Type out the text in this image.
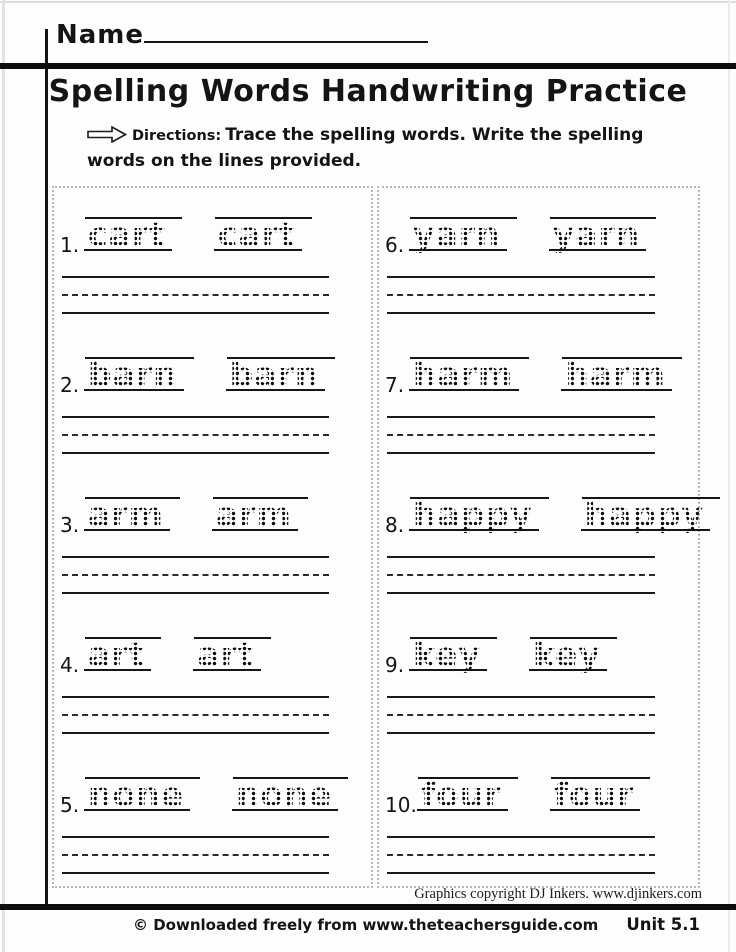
Name
Spelling Words Handwriting Practice
Directions: Trace the spelling words. Write the spelling words on the lines provided.
1. cart cart
2. barn barn
3. arm arm
4. art art
5. none none
6. yarn yarn
7. harm harm
8. happy happy
9. key key
10. four four
Graphics copyright DJ Inkers. www.djinkers.com
© Downloaded freely from www.theteachersguide.com Unit 5.1
